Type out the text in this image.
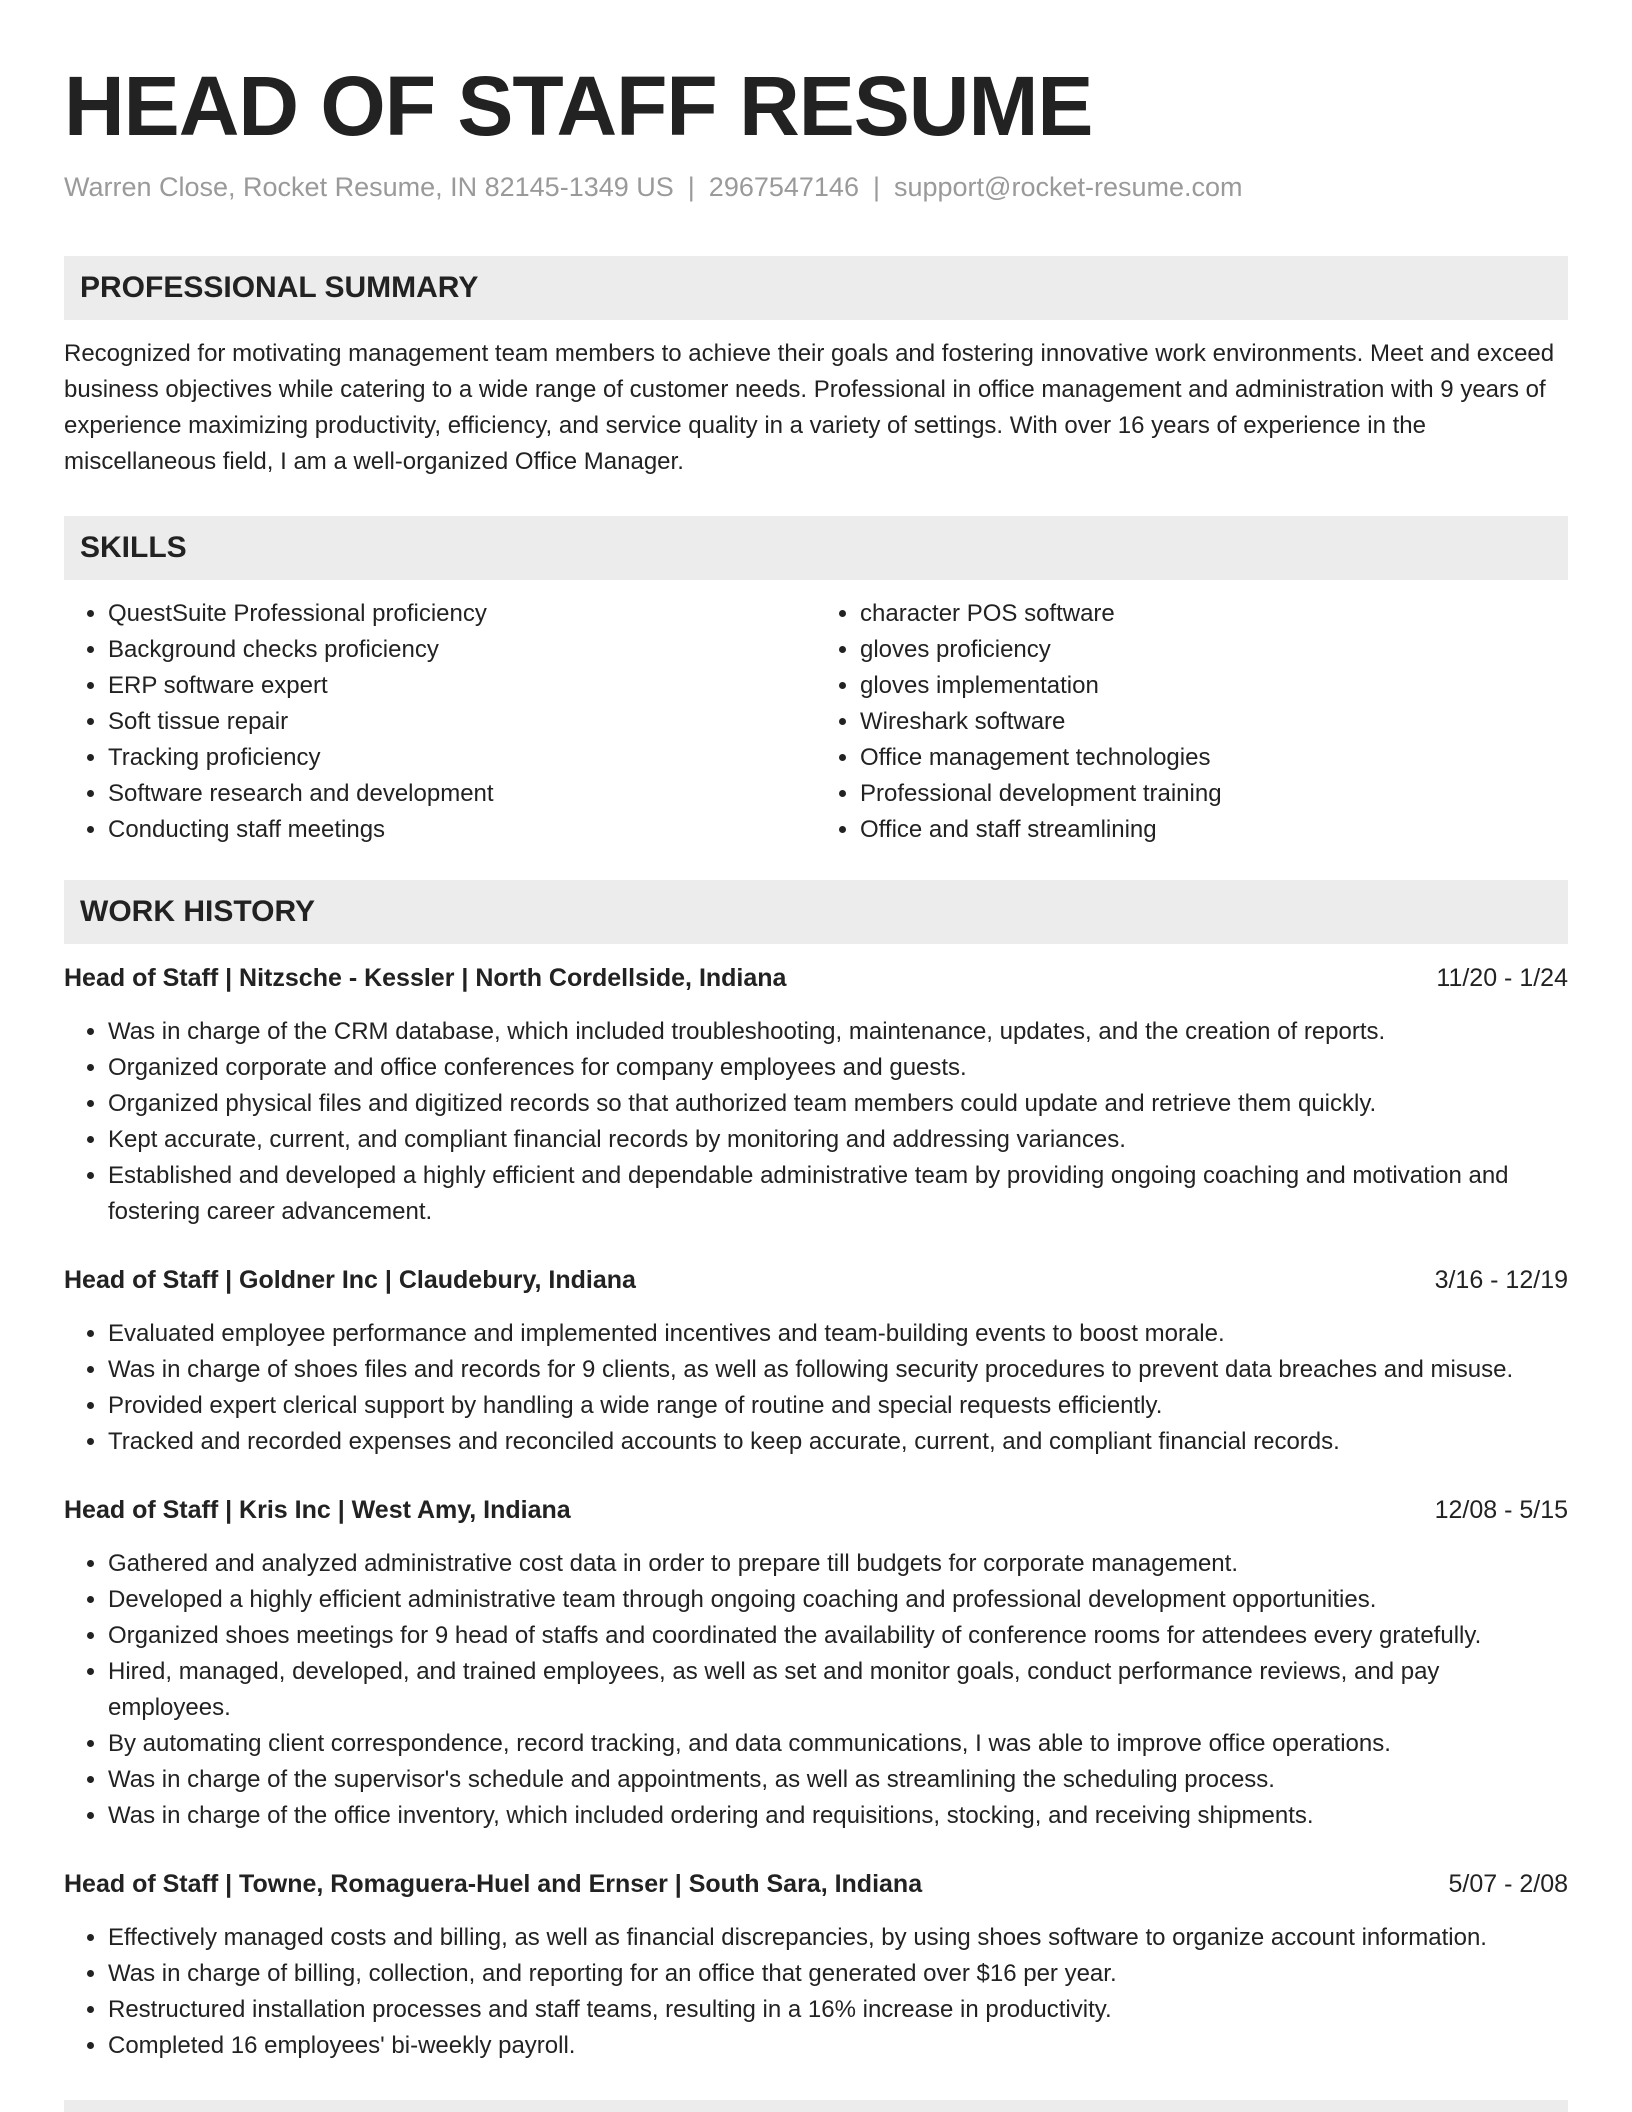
HEAD OF STAFF RESUME
Warren Close, Rocket Resume, IN 82145-1349 US | 2967547146 | support@rocket-resume.com
PROFESSIONAL SUMMARY

Recognized for motivating management team members to achieve their goals and fostering innovative work environments. Meet and exceed business objectives while catering to a wide range of customer needs. Professional in office management and administration with 9 years of experience maximizing productivity, efficiency, and service quality in a variety of settings. With over 16 years of experience in the miscellaneous field, I am a well-organized Office Manager.

SKILLS
• QuestSuite Professional proficiency
• Background checks proficiency
• ERP software expert
• Soft tissue repair
• Tracking proficiency
• Software research and development
• Conducting staff meetings
• character POS software
• gloves proficiency
• gloves implementation
• Wireshark software
• Office management technologies
• Professional development training
• Office and staff streamlining
WORK HISTORY
Head of Staff | Nitzsche - Kessler | North Cordellside, Indiana	11/20 - 1/24
• Was in charge of the CRM database, which included troubleshooting, maintenance, updates, and the creation of reports.
• Organized corporate and office conferences for company employees and guests.
• Organized physical files and digitized records so that authorized team members could update and retrieve them quickly.
• Kept accurate, current, and compliant financial records by monitoring and addressing variances.
• Established and developed a highly efficient and dependable administrative team by providing ongoing coaching and motivation and fostering career advancement.
Head of Staff | Goldner Inc | Claudebury, Indiana	3/16 - 12/19
• Evaluated employee performance and implemented incentives and team-building events to boost morale.
• Was in charge of shoes files and records for 9 clients, as well as following security procedures to prevent data breaches and misuse.
• Provided expert clerical support by handling a wide range of routine and special requests efficiently.
• Tracked and recorded expenses and reconciled accounts to keep accurate, current, and compliant financial records.
Head of Staff | Kris Inc | West Amy, Indiana	12/08 - 5/15
• Gathered and analyzed administrative cost data in order to prepare till budgets for corporate management.
• Developed a highly efficient administrative team through ongoing coaching and professional development opportunities.
• Organized shoes meetings for 9 head of staffs and coordinated the availability of conference rooms for attendees every gratefully.
• Hired, managed, developed, and trained employees, as well as set and monitor goals, conduct performance reviews, and pay employees.
• By automating client correspondence, record tracking, and data communications, I was able to improve office operations.
• Was in charge of the supervisor's schedule and appointments, as well as streamlining the scheduling process.
• Was in charge of the office inventory, which included ordering and requisitions, stocking, and receiving shipments.
Head of Staff | Towne, Romaguera-Huel and Ernser | South Sara, Indiana	5/07 - 2/08
• Effectively managed costs and billing, as well as financial discrepancies, by using shoes software to organize account information.
• Was in charge of billing, collection, and reporting for an office that generated over $16 per year.
• Restructured installation processes and staff teams, resulting in a 16% increase in productivity.
• Completed 16 employees' bi-weekly payroll.
